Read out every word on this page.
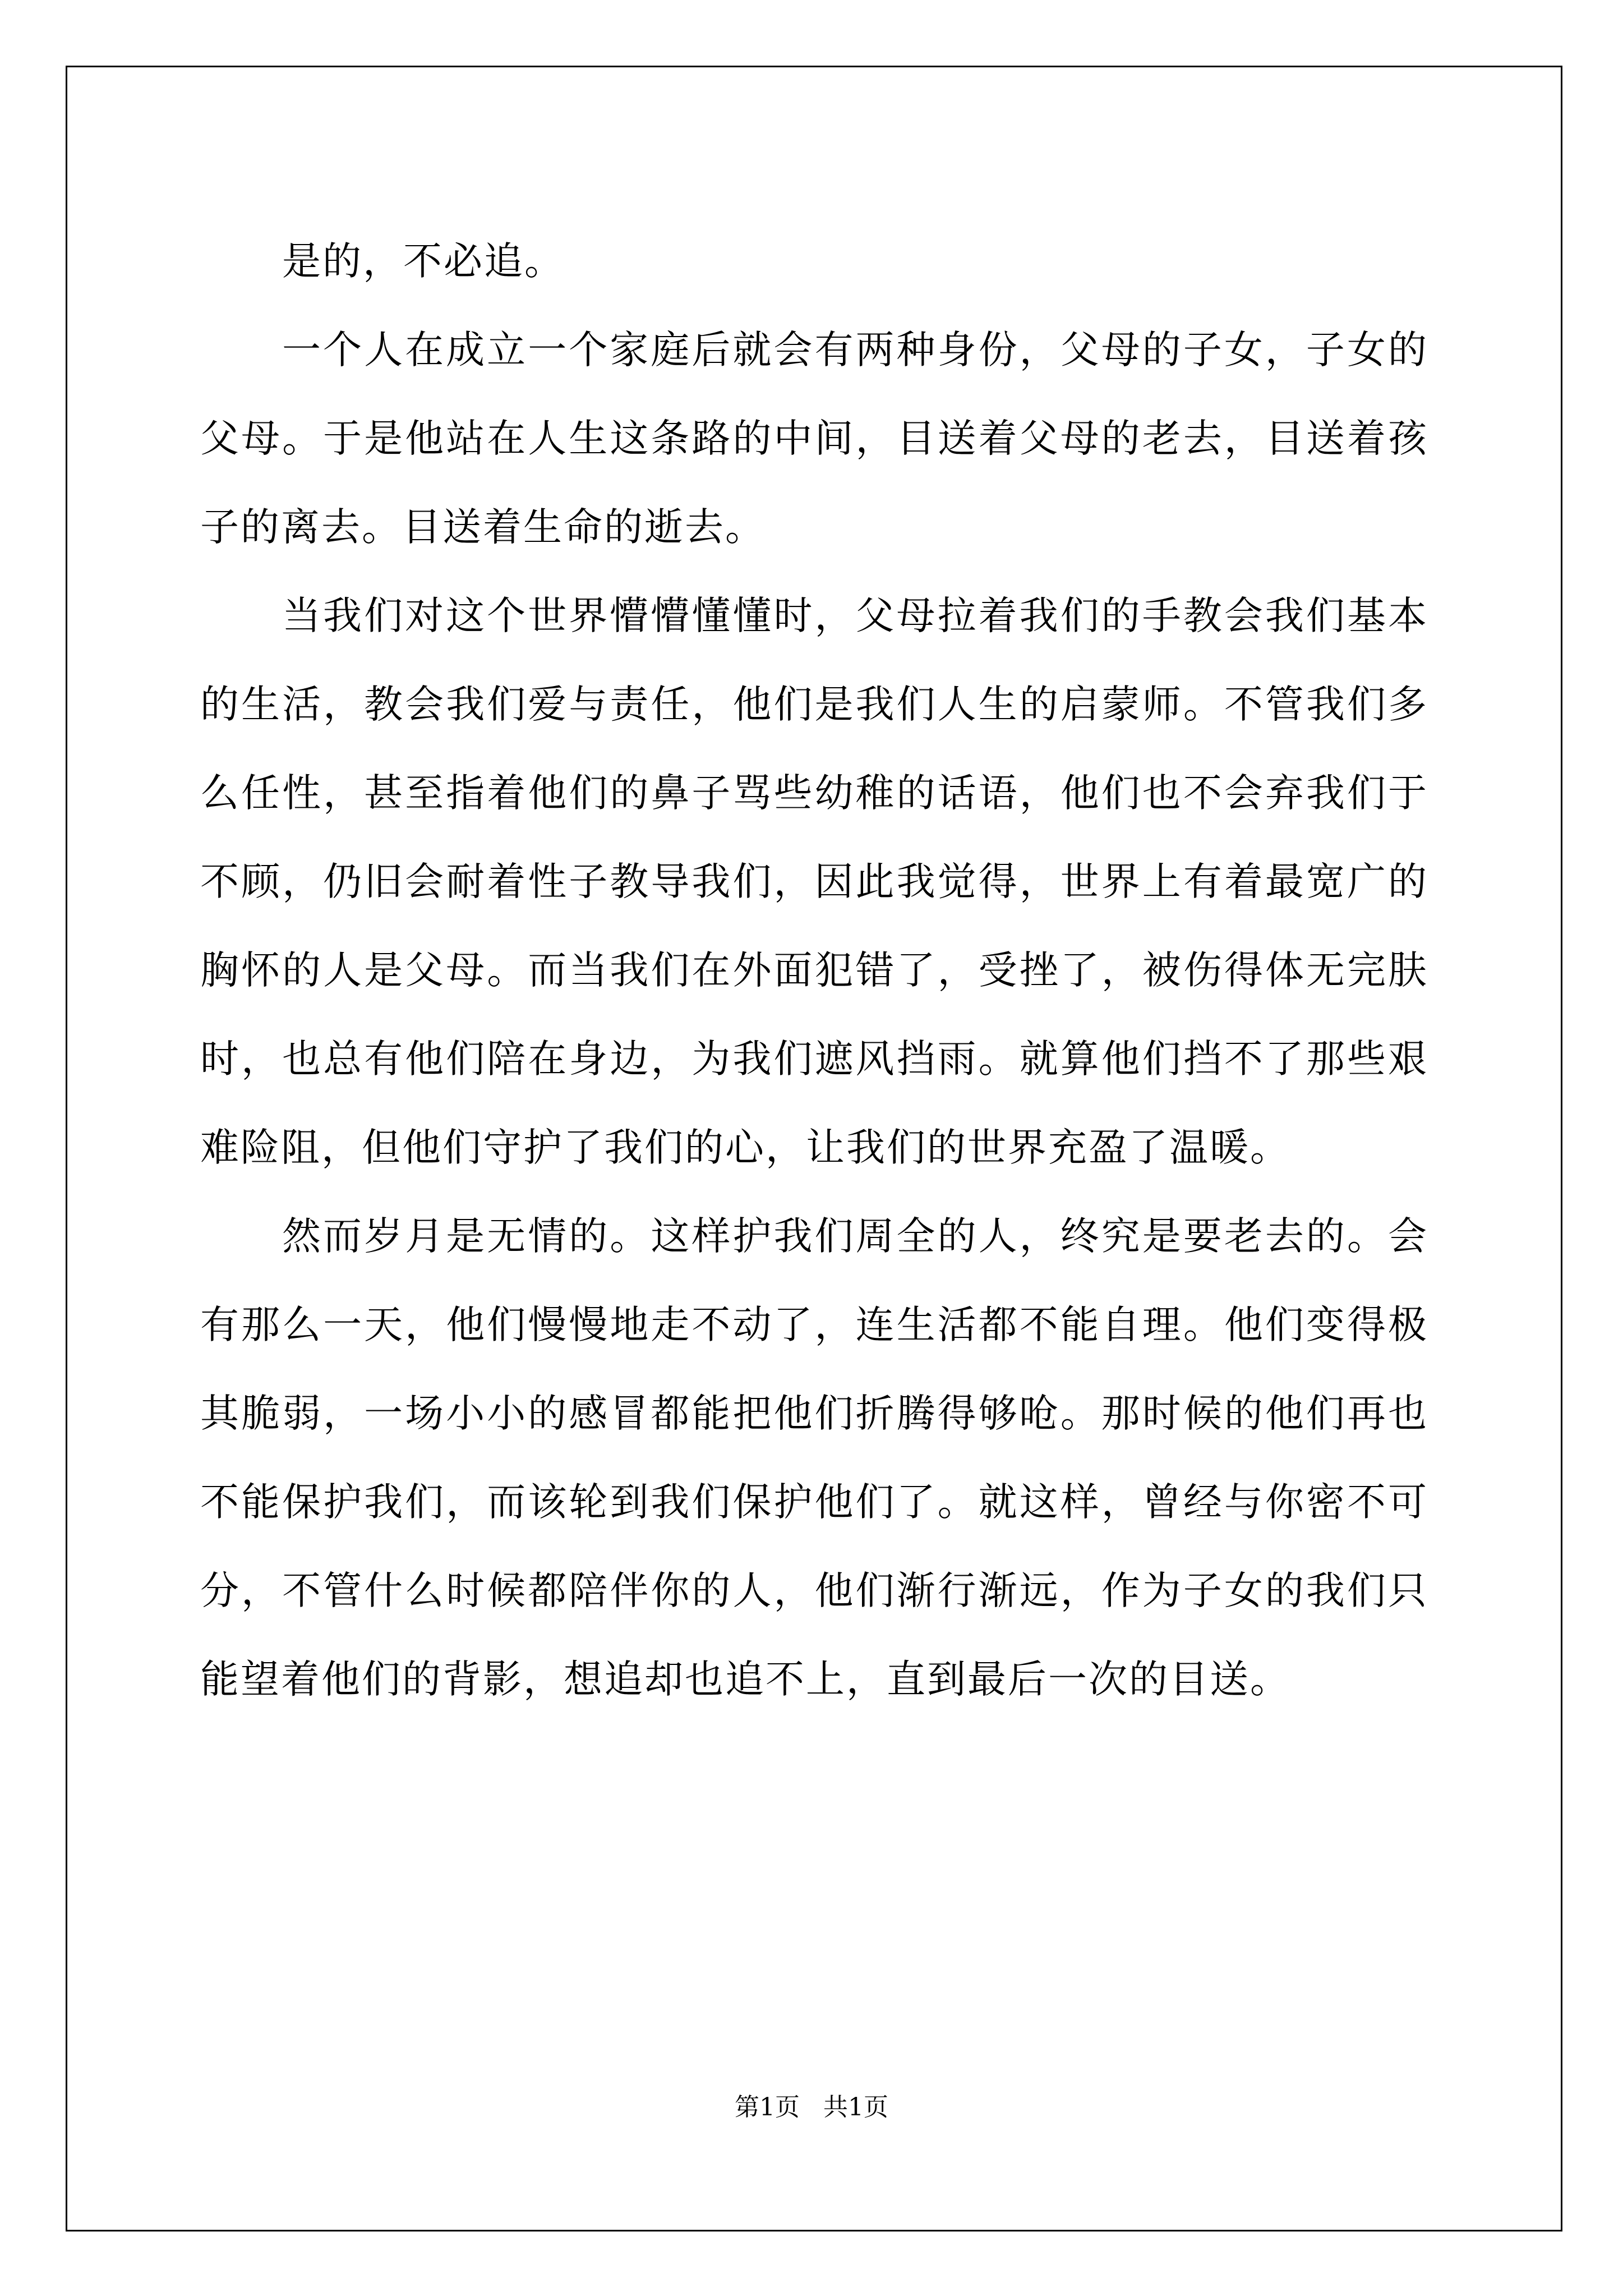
是的，不必追。

一个人在成立一个家庭后就会有两种身份，父母的子女，子女的父母。于是他站在人生这条路的中间，目送着父母的老去，目送着孩子的离去。目送着生命的逝去。

当我们对这个世界懵懵懂懂时，父母拉着我们的手教会我们基本的生活，教会我们爱与责任，他们是我们人生的启蒙师。不管我们多么任性，甚至指着他们的鼻子骂些幼稚的话语，他们也不会弃我们于不顾，仍旧会耐着性子教导我们，因此我觉得，世界上有着最宽广的胸怀的人是父母。而当我们在外面犯错了，受挫了，被伤得体无完肤时，也总有他们陪在身边，为我们遮风挡雨。就算他们挡不了那些艰难险阻，但他们守护了我们的心，让我们的世界充盈了温暖。

然而岁月是无情的。这样护我们周全的人，终究是要老去的。会有那么一天，他们慢慢地走不动了，连生活都不能自理。他们变得极其脆弱，一场小小的感冒都能把他们折腾得够呛。那时候的他们再也不能保护我们，而该轮到我们保护他们了。就这样，曾经与你密不可分，不管什么时候都陪伴你的人，他们渐行渐远，作为子女的我们只能望着他们的背影，想追却也追不上，直到最后一次的目送。

第1页   共1页
